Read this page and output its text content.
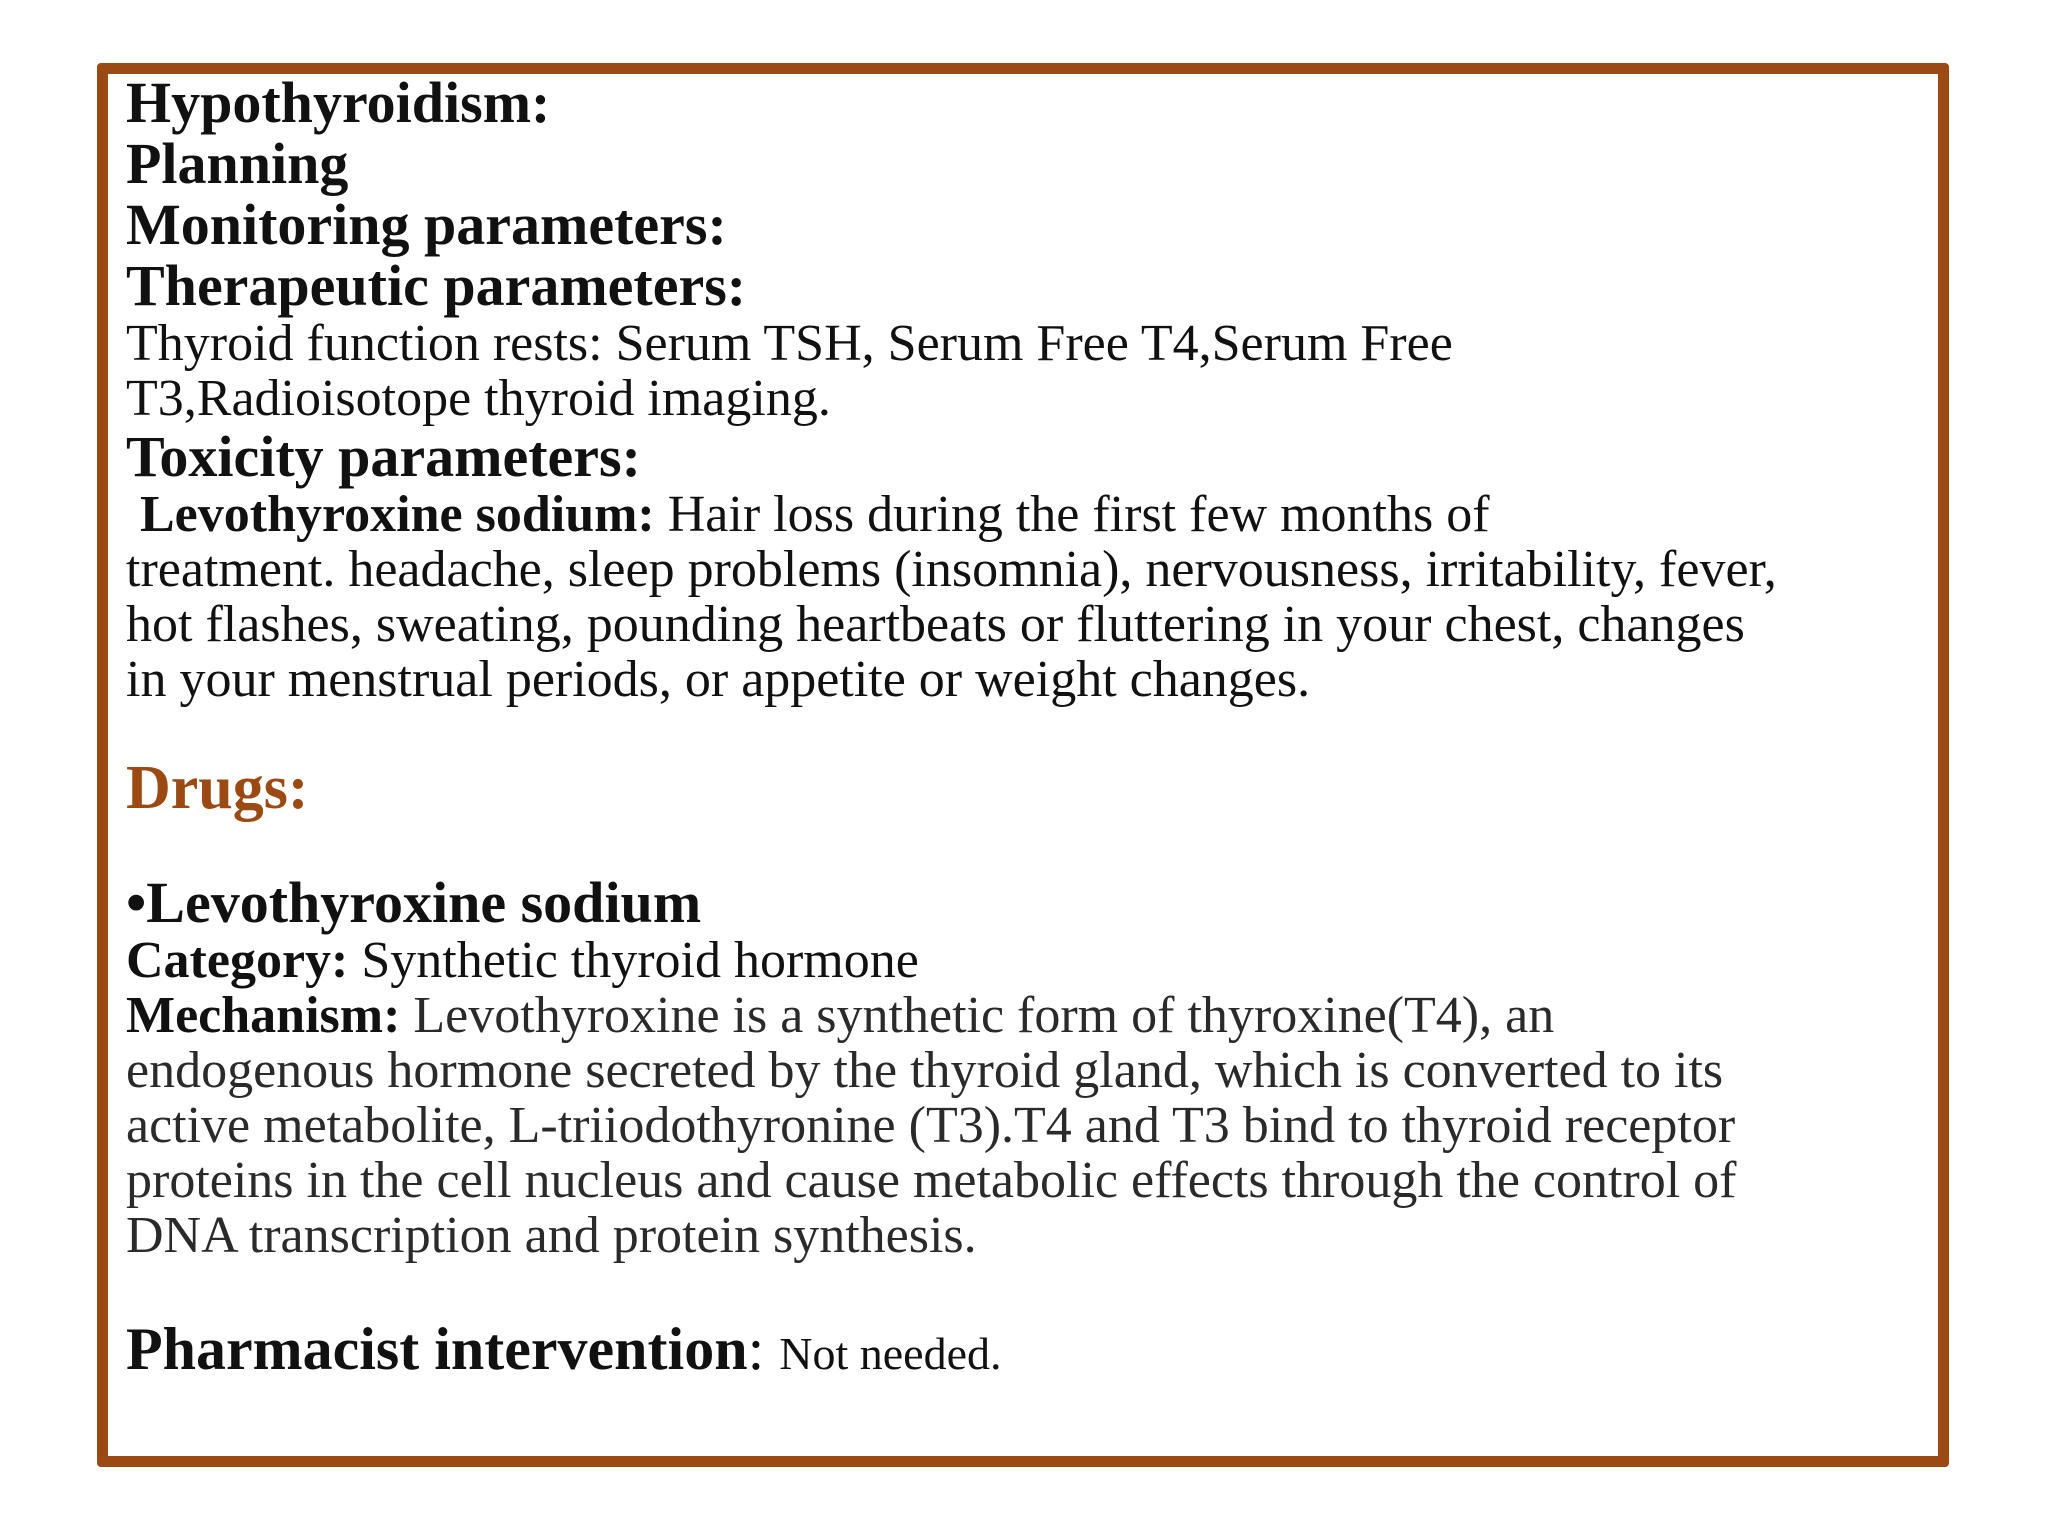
Hypothyroidism:

Planning

Monitoring parameters:

Therapeutic parameters:

Thyroid function rests: Serum TSH, Serum Free T4,Serum Free

T3,Radioisotope thyroid imaging.

Toxicity parameters:

Levothyroxine sodium: Hair loss during the first few months of

treatment. headache, sleep problems (insomnia), nervousness, irritability, fever,

hot flashes, sweating, pounding heartbeats or fluttering in your chest, changes

in your menstrual periods, or appetite or weight changes.

Drugs:

•Levothyroxine sodium

Category: Synthetic thyroid hormone

Mechanism: Levothyroxine is a synthetic form of thyroxine(T4), an

endogenous hormone secreted by the thyroid gland, which is converted to its

active metabolite, L-triiodothyronine (T3).T4 and T3 bind to thyroid receptor

proteins in the cell nucleus and cause metabolic effects through the control of

DNA transcription and protein synthesis.

Pharmacist intervention: Not needed.
